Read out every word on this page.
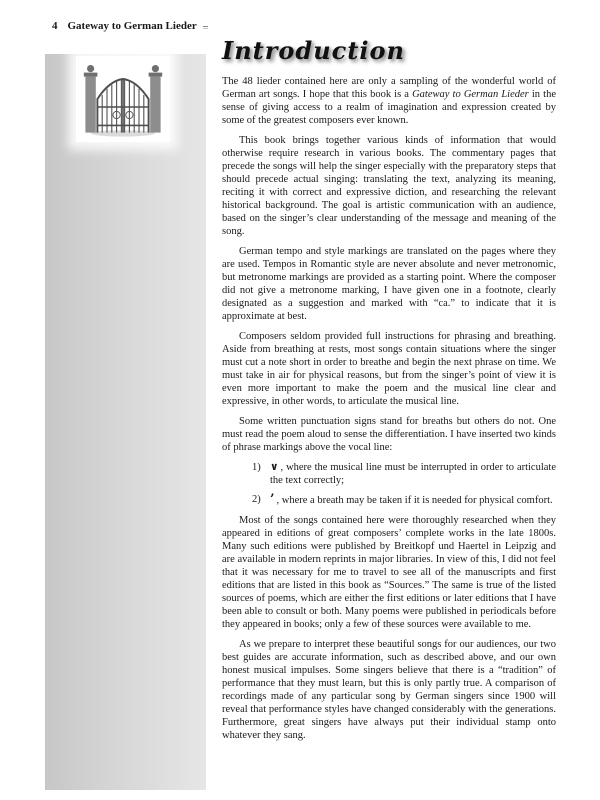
4 Gateway to German Lieder
Introduction

The 48 lieder contained here are only a sampling of the wonderful world of German art songs. I hope that this book is a Gateway to German Lieder in the sense of giving access to a realm of imagination and expression created by some of the greatest composers ever known.

This book brings together various kinds of information that would otherwise require research in various books. The commentary pages that precede the songs will help the singer especially with the preparatory steps that should precede actual singing: translating the text, analyzing its meaning, reciting it with correct and expressive diction, and researching the relevant historical background. The goal is artistic communication with an audience, based on the singer’s clear understanding of the message and meaning of the song.

German tempo and style markings are translated on the pages where they are used. Tempos in Romantic style are never absolute and never metronomic, but metronome markings are provided as a starting point. Where the composer did not give a metronome marking, I have given one in a footnote, clearly designated as a suggestion and marked with “ca.” to indicate that it is approximate at best.

Composers seldom provided full instructions for phrasing and breathing. Aside from breathing at rests, most songs contain situations where the singer must cut a note short in order to breathe and begin the next phrase on time. We must take in air for physical reasons, but from the singer’s point of view it is even more important to make the poem and the musical line clear and expressive, in other words, to articulate the musical line.

Some written punctuation signs stand for breaths but others do not. One must read the poem aloud to sense the differentiation. I have inserted two kinds of phrase markings above the vocal line:

1) ∨ , where the musical line must be interrupted in order to articulate the text correctly;
2) ’ , where a breath may be taken if it is needed for physical comfort.

Most of the songs contained here were thoroughly researched when they appeared in editions of great composers’ complete works in the late 1800s. Many such editions were published by Breitkopf und Haertel in Leipzig and are available in modern reprints in major libraries. In view of this, I did not feel that it was necessary for me to travel to see all of the manuscripts and first editions that are listed in this book as “Sources.” The same is true of the listed sources of poems, which are either the first editions or later editions that I have been able to consult or both. Many poems were published in periodicals before they appeared in books; only a few of these sources were available to me.

As we prepare to interpret these beautiful songs for our audiences, our two best guides are accurate information, such as described above, and our own honest musical impulses. Some singers believe that there is a “tradition” of performance that they must learn, but this is only partly true. A comparison of recordings made of any particular song by German singers since 1900 will reveal that performance styles have changed considerably with the generations. Furthermore, great singers have always put their individual stamp onto whatever they sang.
